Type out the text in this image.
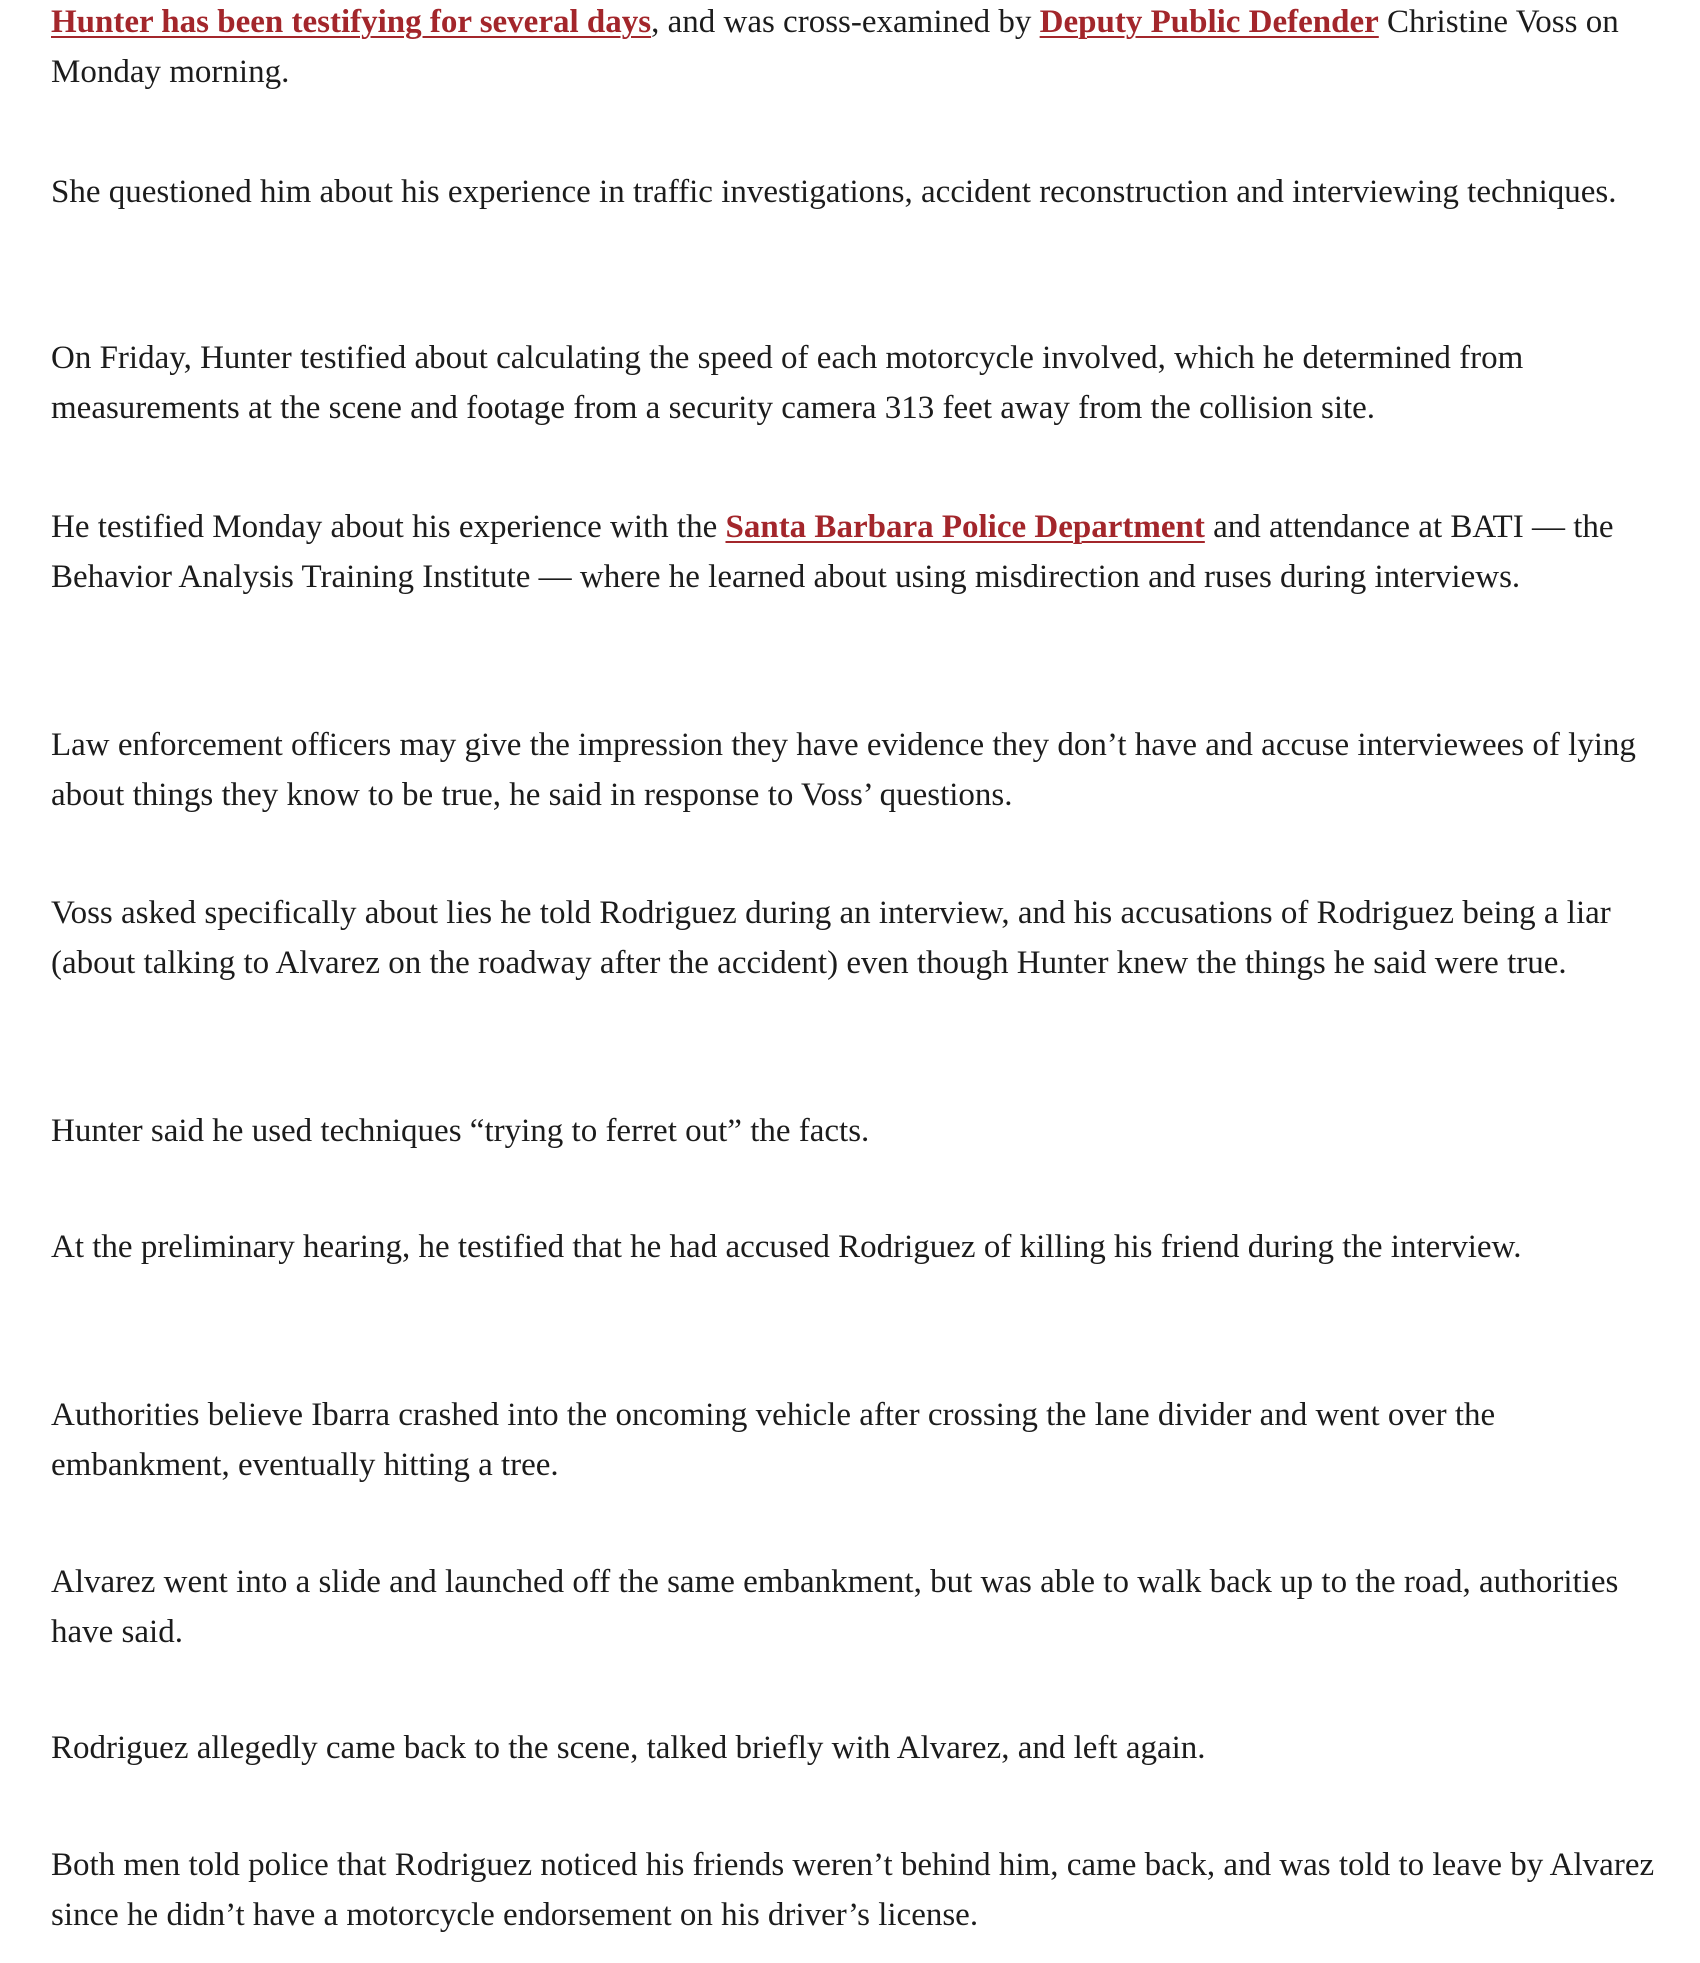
Hunter has been testifying for several days, and was cross-examined by Deputy Public Defender Christine Voss on Monday morning.

She questioned him about his experience in traffic investigations, accident reconstruction and interviewing techniques.

On Friday, Hunter testified about calculating the speed of each motorcycle involved, which he determined from measurements at the scene and footage from a security camera 313 feet away from the collision site.

He testified Monday about his experience with the Santa Barbara Police Department and attendance at BATI — the Behavior Analysis Training Institute — where he learned about using misdirection and ruses during interviews.

Law enforcement officers may give the impression they have evidence they don’t have and accuse interviewees of lying about things they know to be true, he said in response to Voss’ questions.

Voss asked specifically about lies he told Rodriguez during an interview, and his accusations of Rodriguez being a liar (about talking to Alvarez on the roadway after the accident) even though Hunter knew the things he said were true.

Hunter said he used techniques “trying to ferret out” the facts.

At the preliminary hearing, he testified that he had accused Rodriguez of killing his friend during the interview.

Authorities believe Ibarra crashed into the oncoming vehicle after crossing the lane divider and went over the embankment, eventually hitting a tree.

Alvarez went into a slide and launched off the same embankment, but was able to walk back up to the road, authorities have said.

Rodriguez allegedly came back to the scene, talked briefly with Alvarez, and left again.

Both men told police that Rodriguez noticed his friends weren’t behind him, came back, and was told to leave by Alvarez since he didn’t have a motorcycle endorsement on his driver’s license.
